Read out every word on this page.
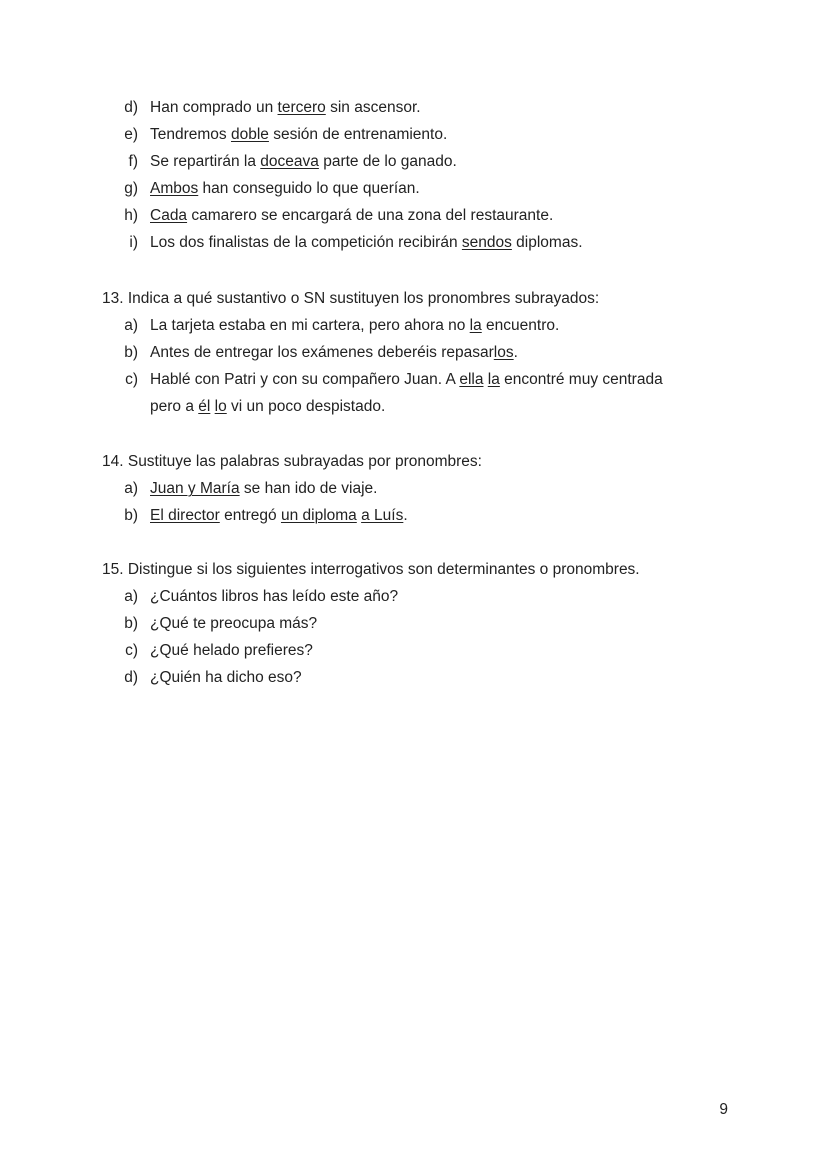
d) Han comprado un tercero sin ascensor.
e) Tendremos doble sesión de entrenamiento.
f) Se repartirán la doceava parte de lo ganado.
g) Ambos han conseguido lo que querían.
h) Cada camarero se encargará de una zona del restaurante.
i) Los dos finalistas de la competición recibirán sendos diplomas.
13. Indica a qué sustantivo o SN sustituyen los pronombres subrayados:
a) La tarjeta estaba en mi cartera, pero ahora no la encuentro.
b) Antes de entregar los exámenes deberéis repasarlos.
c) Hablé con Patri y con su compañero Juan. A ella la encontré muy centrada
pero a él lo vi un poco despistado.
14. Sustituye las palabras subrayadas por pronombres:
a) Juan y María se han ido de viaje.
b) El director entregó un diploma a Luís.
15. Distingue si los siguientes interrogativos son determinantes o pronombres.
a) ¿Cuántos libros has leído este año?
b) ¿Qué te preocupa más?
c) ¿Qué helado prefieres?
d) ¿Quién ha dicho eso?
9
